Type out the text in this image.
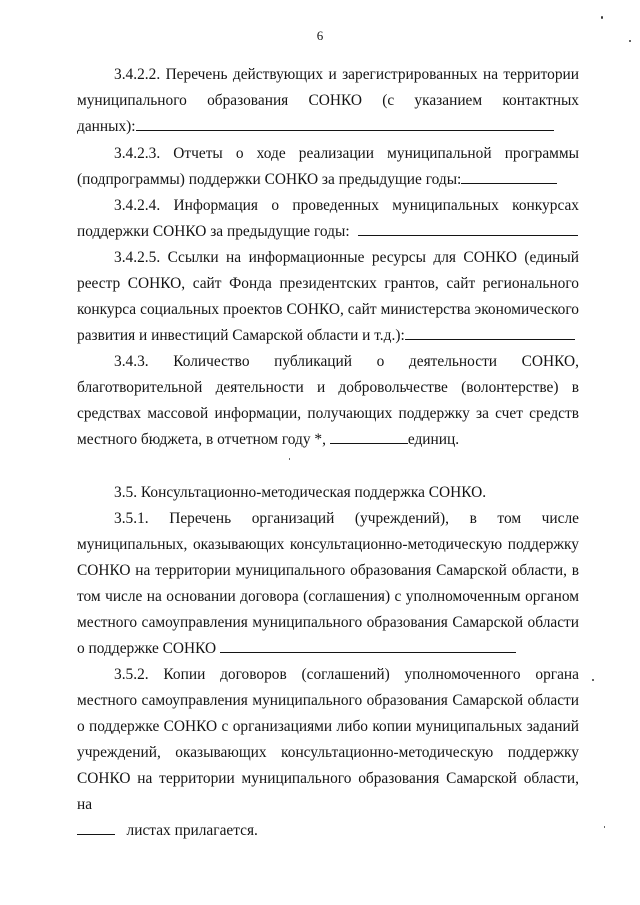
6
3.4.2.2. Перечень действующих и зарегистрированных на территории
муниципального образования СОНКО (с указанием контактных
данных):
3.4.2.3. Отчеты о ходе реализации муниципальной программы
(подпрограммы) поддержки СОНКО за предыдущие годы:
3.4.2.4. Информация о проведенных муниципальных конкурсах
поддержки СОНКО за предыдущие годы:
3.4.2.5. Ссылки на информационные ресурсы для СОНКО (единый
реестр СОНКО, сайт Фонда президентских грантов, сайт регионального
конкурса социальных проектов СОНКО, сайт министерства экономического
развития и инвестиций Самарской области и т.д.):
3.4.3. Количество публикаций о деятельности СОНКО,
благотворительной деятельности и добровольчестве (волонтерстве) в
средствах массовой информации, получающих поддержку за счет средств
местного бюджета, в отчетном году *,	единиц.
3.5. Консультационно-методическая поддержка СОНКО.
3.5.1. Перечень организаций (учреждений), в том числе
муниципальных, оказывающих консультационно-методическую поддержку
СОНКО на территории муниципального образования Самарской области, в
том числе на основании договора (соглашения) с уполномоченным органом
местного самоуправления муниципального образования Самарской области
о поддержке СОНКО
3.5.2. Копии договоров (соглашений) уполномоченного органа
местного самоуправления муниципального образования Самарской области
о поддержке СОНКО с организациями либо копии муниципальных заданий
учреждений, оказывающих консультационно-методическую поддержку
СОНКО на территории муниципального образования Самарской области, на
листах прилагается.
